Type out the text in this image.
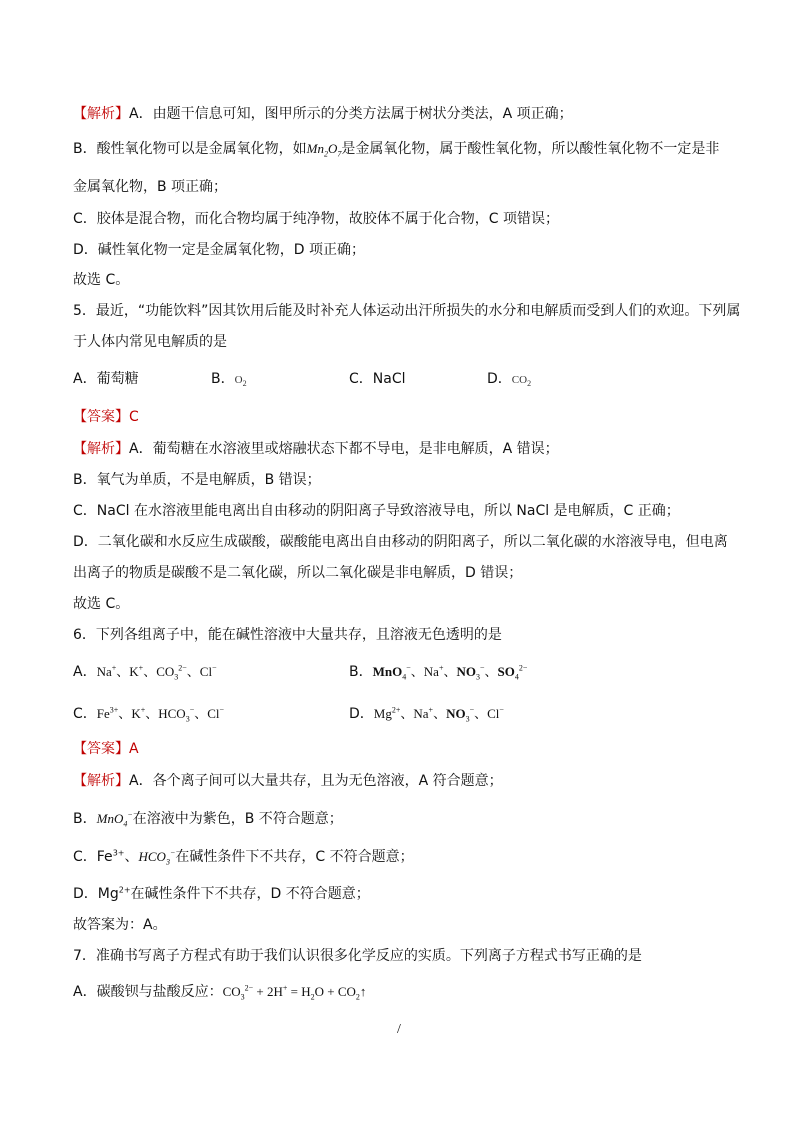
【解析】A．由题干信息可知，图甲所示的分类方法属于树状分类法，A 项正确；
B．酸性氧化物可以是金属氧化物，如$Mn_2O_7$是金属氧化物，属于酸性氧化物，所以酸性氧化物不一定是非
金属氧化物，B 项正确；
C．胶体是混合物，而化合物均属于纯净物，故胶体不属于化合物，C 项错误；
D．碱性氧化物一定是金属氧化物，D 项正确；
故选 C。
5．最近，“功能饮料”因其饮用后能及时补充人体运动出汗所损失的水分和电解质而受到人们的欢迎。下列属
于人体内常见电解质的是
A．葡萄糖	B．$O_2$	C．NaCl	D．$CO_2$
【答案】C
【解析】A．葡萄糖在水溶液里或熔融状态下都不导电，是非电解质，A 错误；
B．氧气为单质，不是电解质，B 错误；
C．NaCl 在水溶液里能电离出自由移动的阴阳离子导致溶液导电，所以 NaCl 是电解质，C 正确；
D．二氧化碳和水反应生成碳酸，碳酸能电离出自由移动的阴阳离子，所以二氧化碳的水溶液导电，但电离
出离子的物质是碳酸不是二氧化碳，所以二氧化碳是非电解质，D 错误；
故选 C。
6．下列各组离子中，能在碱性溶液中大量共存，且溶液无色透明的是
A．Na+、K+、$CO_3^{2-}$、Cl−	B．MnO$_4$−、Na+、$NO_3^-$、$SO_4^{2-}$
C．$Fe^{3+}$、K+、$HCO_3^-$、Cl−	D．$Mg^{2+}$、Na+、$NO_3^-$、Cl−
【答案】A
【解析】A．各个离子间可以大量共存，且为无色溶液，A 符合题意；
B．MnO$_4$−在溶液中为紫色，B 不符合题意；
C．$Fe^{3+}$、$HCO_3^-$在碱性条件下不共存，C 不符合题意；
D．$Mg^{2+}$在碱性条件下不共存，D 不符合题意；
故答案为：A。
7．准确书写离子方程式有助于我们认识很多化学反应的实质。下列离子方程式书写正确的是
A．碳酸钡与盐酸反应：$CO_3^{2-} + 2H^+ = H_2O$ + $CO_2↑$
/
